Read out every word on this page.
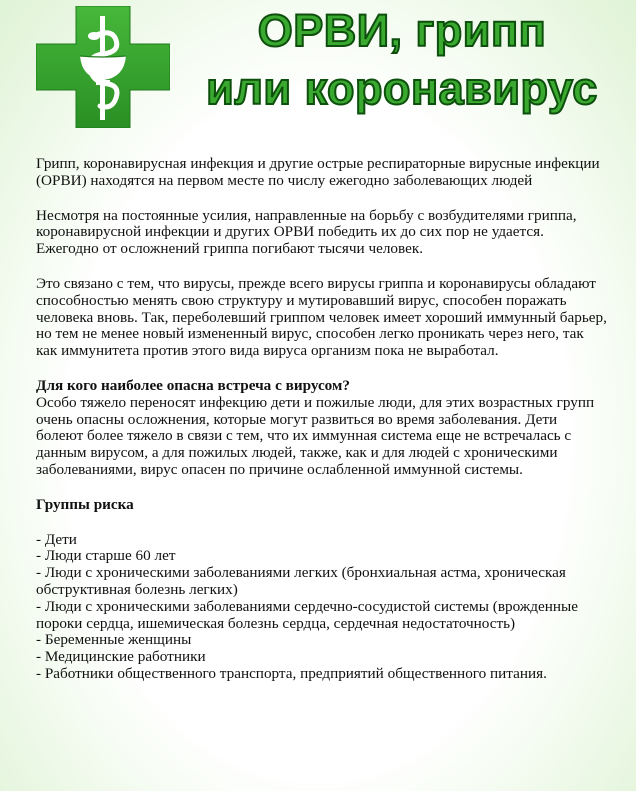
ОРВИ, грипп
или коронавирус

Грипп, коронавирусная инфекция и другие острые респираторные вирусные инфекции (ОРВИ) находятся на первом месте по числу ежегодно заболевающих людей

Несмотря на постоянные усилия, направленные на борьбу с возбудителями гриппа, коронавирусной инфекции и других ОРВИ победить их до сих пор не удается.

Ежегодно от осложнений гриппа погибают тысячи человек.

Это связано с тем, что вирусы, прежде всего вирусы гриппа и коронавирусы обладают способностью менять свою структуру и мутировавший вирус, способен поражать человека вновь. Так, переболевший гриппом человек имеет хороший иммунный барьер, но тем не менее новый измененный вирус, способен легко проникать через него, так как иммунитета против этого вида вируса организм пока не выработал.

Для кого наиболее опасна встреча с вирусом?

Особо тяжело переносят инфекцию дети и пожилые люди, для этих возрастных групп очень опасны осложнения, которые могут развиться во время заболевания. Дети болеют более тяжело в связи с тем, что их иммунная система еще не встречалась с данным вирусом, а для пожилых людей, также, как и для людей с хроническими заболеваниями, вирус опасен по причине ослабленной иммунной системы.

Группы риска

- Дети
- Люди старше 60 лет
- Люди с хроническими заболеваниями легких (бронхиальная астма, хроническая обструктивная болезнь легких)
- Люди с хроническими заболеваниями сердечно-сосудистой системы (врожденные пороки сердца, ишемическая болезнь сердца, сердечная недостаточность)
- Беременные женщины
- Медицинские работники
- Работники общественного транспорта, предприятий общественного питания.
